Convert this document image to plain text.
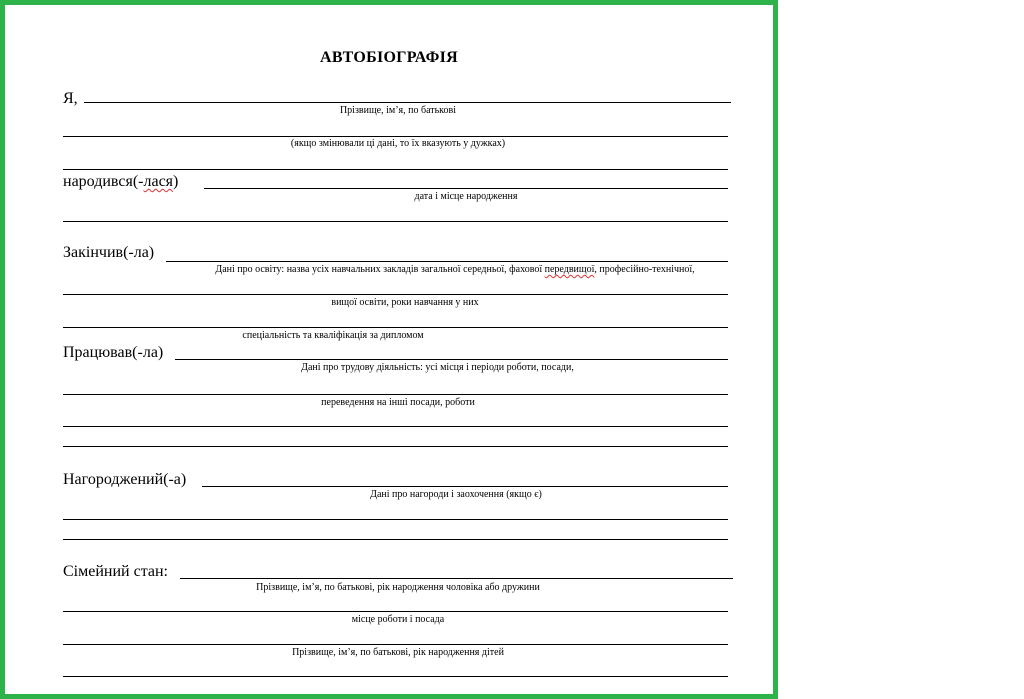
АВТОБІОГРАФІЯ
Я,
Прізвище, ім’я, по батькові
(якщо змінювали ці дані, то їх вказують у дужках)
народився(-лася)
дата і місце народження
Закінчив(-ла)
Дані про освіту: назва усіх навчальних закладів загальної середньої, фахової передвищої, професійно-технічної,
вищої освіти, роки навчання у них
спеціальність та кваліфікація за дипломом
Працював(-ла)
Дані про трудову діяльність: усі місця і періоди роботи, посади,
переведення на інші посади, роботи
Нагороджений(-а)
Дані про нагороди і заохочення (якщо є)
Сімейний стан:
Прізвище, ім’я, по батькові, рік народження чоловіка або дружини
місце роботи і посада
Прізвище, ім’я, по батькові, рік народження дітей
